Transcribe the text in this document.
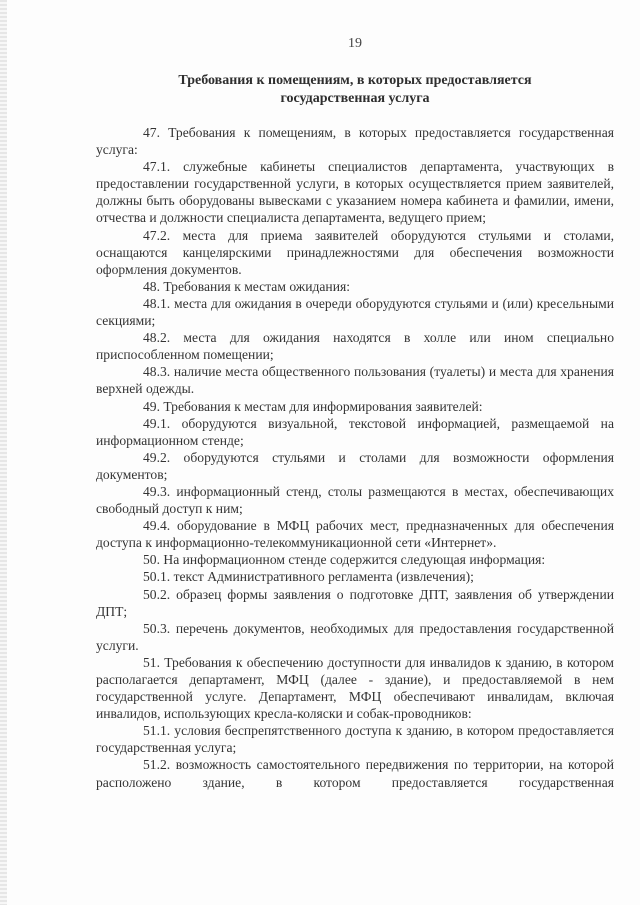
19
Требования к помещениям, в которых предоставляется
государственная услуга

47. Требования к помещениям, в которых предоставляется государственная услуга:

47.1. служебные кабинеты специалистов департамента, участвующих в предоставлении государственной услуги, в которых осуществляется прием заявителей, должны быть оборудованы вывесками с указанием номера кабинета и фамилии, имени, отчества и должности специалиста департамента, ведущего прием;

47.2. места для приема заявителей оборудуются стульями и столами, оснащаются канцелярскими принадлежностями для обеспечения возможности оформления документов.

48. Требования к местам ожидания:

48.1. места для ожидания в очереди оборудуются стульями и (или) кресельными секциями;

48.2. места для ожидания находятся в холле или ином специально приспособленном помещении;

48.3. наличие места общественного пользования (туалеты) и места для хранения верхней одежды.

49. Требования к местам для информирования заявителей:

49.1. оборудуются визуальной, текстовой информацией, размещаемой на информационном стенде;

49.2. оборудуются стульями и столами для возможности оформления документов;

49.3. информационный стенд, столы размещаются в местах, обеспечивающих свободный доступ к ним;

49.4. оборудование в МФЦ рабочих мест, предназначенных для обеспечения доступа к информационно-телекоммуникационной сети «Интернет».

50. На информационном стенде содержится следующая информация:

50.1. текст Административного регламента (извлечения);

50.2. образец формы заявления о подготовке ДПТ, заявления об утверждении ДПТ;

50.3. перечень документов, необходимых для предоставления государственной услуги.

51. Требования к обеспечению доступности для инвалидов к зданию, в котором располагается департамент, МФЦ (далее - здание), и предоставляемой в нем государственной услуге. Департамент, МФЦ обеспечивают инвалидам, включая инвалидов, использующих кресла-коляски и собак-проводников:

51.1. условия беспрепятственного доступа к зданию, в котором предоставляется государственная услуга;

51.2. возможность самостоятельного передвижения по территории, на которой расположено здание, в котором предоставляется государственная
